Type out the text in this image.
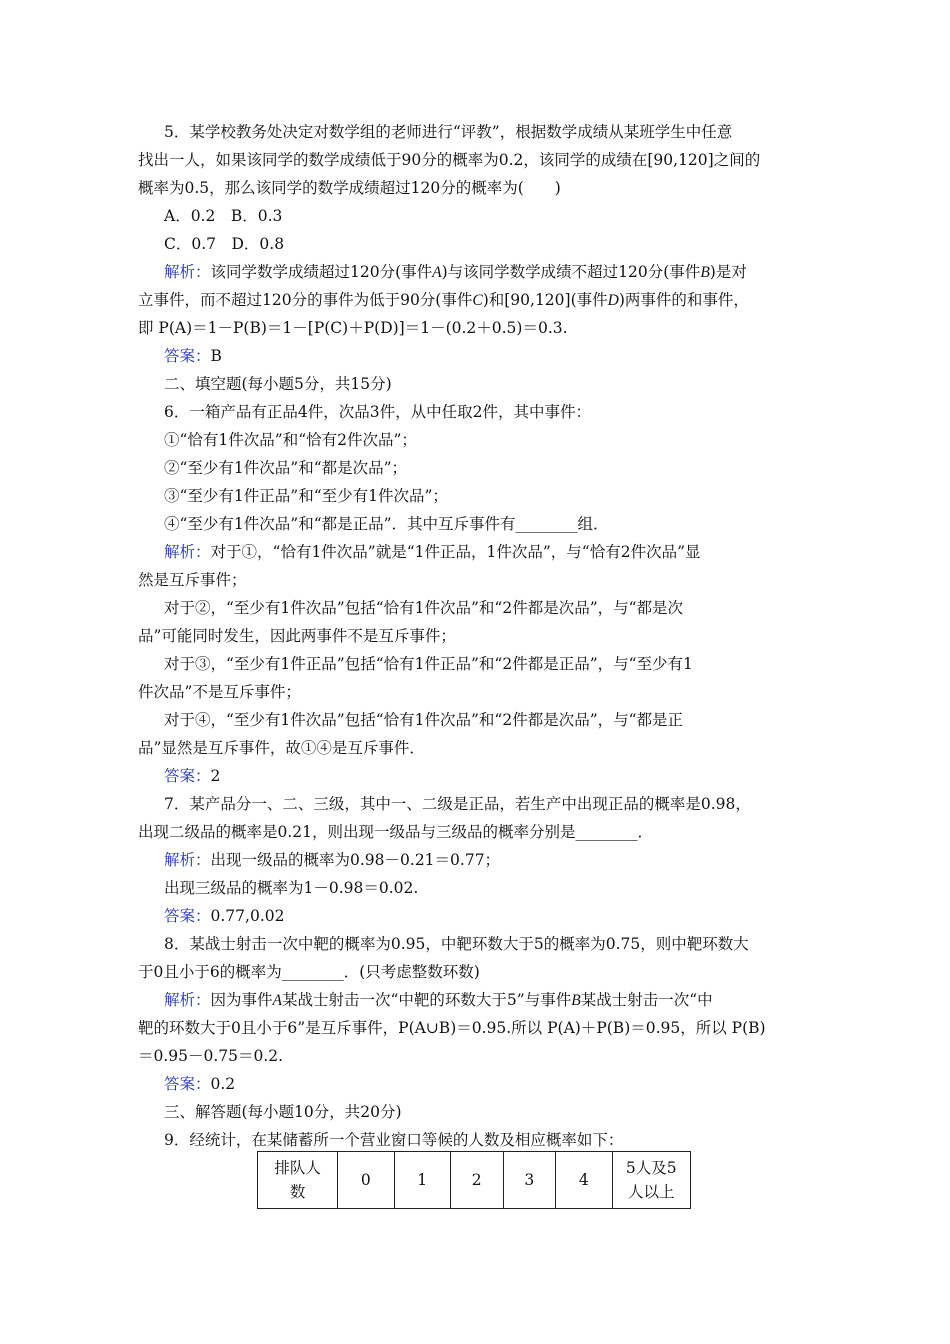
5．某学校教务处决定对数学组的老师进行“评教”，根据数学成绩从某班学生中任意
找出一人，如果该同学的数学成绩低于90分的概率为0.2，该同学的成绩在[90,120]之间的
概率为0.5，那么该同学的数学成绩超过120分的概率为(　　)
A．0.2　B．0.3
C．0.7　D．0.8
解析：该同学数学成绩超过120分(事件A)与该同学数学成绩不超过120分(事件B)是对
立事件，而不超过120分的事件为低于90分(事件C)和[90,120](事件D)两事件的和事件，
即 P(A)＝1－P(B)＝1－[P(C)＋P(D)]＝1－(0.2＋0.5)＝0.3.
答案：B
二、填空题(每小题5分，共15分)
6．一箱产品有正品4件，次品3件，从中任取2件，其中事件：
①“恰有1件次品”和“恰有2件次品”；
②“至少有1件次品”和“都是次品”；
③“至少有1件正品”和“至少有1件次品”；
④“至少有1件次品”和“都是正品”．其中互斥事件有________组．
解析：对于①，“恰有1件次品”就是“1件正品，1件次品”，与“恰有2件次品”显
然是互斥事件；
对于②，“至少有1件次品”包括“恰有1件次品”和“2件都是次品”，与“都是次
品”可能同时发生，因此两事件不是互斥事件；
对于③，“至少有1件正品”包括“恰有1件正品”和“2件都是正品”，与“至少有1
件次品”不是互斥事件；
对于④，“至少有1件次品”包括“恰有1件次品”和“2件都是次品”，与“都是正
品”显然是互斥事件，故①④是互斥事件．
答案：2
7．某产品分一、二、三级，其中一、二级是正品，若生产中出现正品的概率是0.98，
出现二级品的概率是0.21，则出现一级品与三级品的概率分别是________．
解析：出现一级品的概率为0.98－0.21＝0.77；
出现三级品的概率为1－0.98＝0.02.
答案：0.77,0.02
8．某战士射击一次中靶的概率为0.95，中靶环数大于5的概率为0.75，则中靶环数大
于0且小于6的概率为________．(只考虑整数环数)
解析：因为事件A某战士射击一次“中靶的环数大于5”与事件B某战士射击一次“中
靶的环数大于0且小于6”是互斥事件，P(A∪B)＝0.95.所以 P(A)＋P(B)＝0.95，所以 P(B)
＝0.95－0.75＝0.2.
答案：0.2
三、解答题(每小题10分，共20分)
9．经统计，在某储蓄所一个营业窗口等候的人数及相应概率如下：
排队人
数	0	1	2	3	4	5人及5
人以上
